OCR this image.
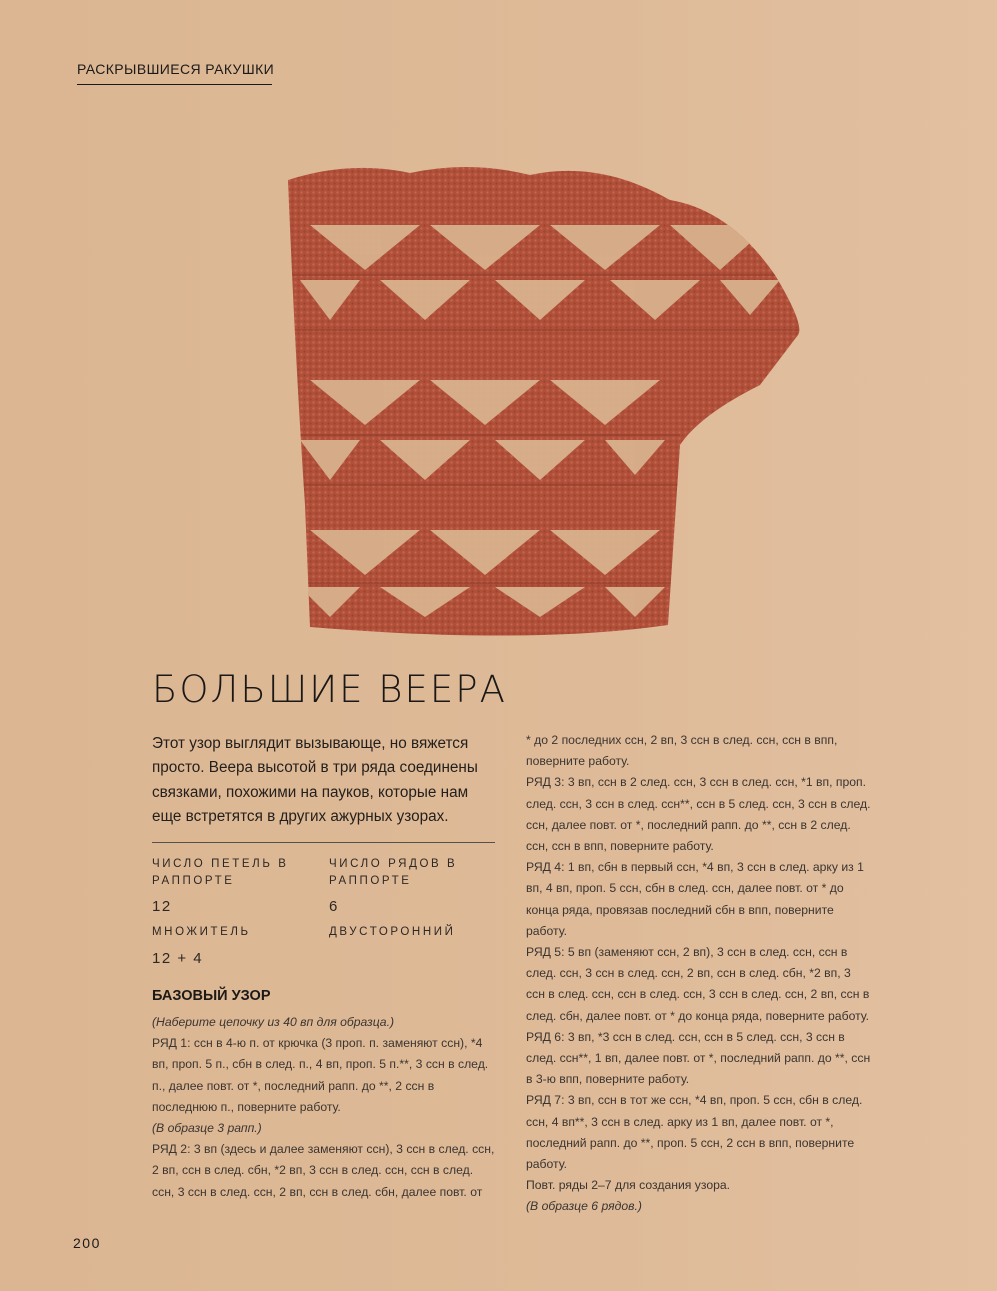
РАСКРЫВШИЕСЯ РАКУШКИ
БОЛЬШИЕ ВЕЕРА
Этот узор выглядит вызывающе, но вяжется просто. Веера высотой в три ряда соединены связками, похожими на пауков, которые нам еще встретятся в других ажурных узорах.
ЧИСЛО ПЕТЕЛЬ В РАППОРТЕ
12
ЧИСЛО РЯДОВ В РАППОРТЕ
6
МНОЖИТЕЛЬ
12 + 4
ДВУСТОРОННИЙ
БАЗОВЫЙ УЗОР

(Наберите цепочку из 40 вп для образца.)

РЯД 1: ссн в 4-ю п. от крючка (3 проп. п. заменяют ссн), *4 вп, проп. 5 п., сбн в след. п., 4 вп, проп. 5 п.**, 3 ссн в след. п., далее повт. от *, последний рапп. до **, 2 ссн в последнюю п., поверните работу.

(В образце 3 рапп.)

РЯД 2: 3 вп (здесь и далее заменяют ссн), 3 ссн в след. ссн, 2 вп, ссн в след. сбн, *2 вп, 3 ссн в след. ссн, ссн в след. ссн, 3 ссн в след. ссн, 2 вп, ссн в след. сбн, далее повт. от

* до 2 последних ссн, 2 вп, 3 ссн в след. ссн, ссн в впп, поверните работу.

РЯД 3: 3 вп, ссн в 2 след. ссн, 3 ссн в след. ссн, *1 вп, проп. след. ссн, 3 ссн в след. ссн**, ссн в 5 след. ссн, 3 ссн в след. ссн, далее повт. от *, последний рапп. до **, ссн в 2 след. ссн, ссн в впп, поверните работу.

РЯД 4: 1 вп, сбн в первый ссн, *4 вп, 3 ссн в след. арку из 1 вп, 4 вп, проп. 5 ссн, сбн в след. ссн, далее повт. от * до конца ряда, провязав последний сбн в впп, поверните работу.

РЯД 5: 5 вп (заменяют ссн, 2 вп), 3 ссн в след. ссн, ссн в след. ссн, 3 ссн в след. ссн, 2 вп, ссн в след. сбн, *2 вп, 3 ссн в след. ссн, ссн в след. ссн, 3 ссн в след. ссн, 2 вп, ссн в след. сбн, далее повт. от * до конца ряда, поверните работу.

РЯД 6: 3 вп, *3 ссн в след. ссн, ссн в 5 след. ссн, 3 ссн в след. ссн**, 1 вп, далее повт. от *, последний рапп. до **, ссн в 3-ю впп, поверните работу.

РЯД 7: 3 вп, ссн в тот же ссн, *4 вп, проп. 5 ссн, сбн в след. ссн, 4 вп**, 3 ссн в след. арку из 1 вп, далее повт. от *, последний рапп. до **, проп. 5 ссн, 2 ссн в впп, поверните работу.

Повт. ряды 2–7 для создания узора.

(В образце 6 рядов.)

200
